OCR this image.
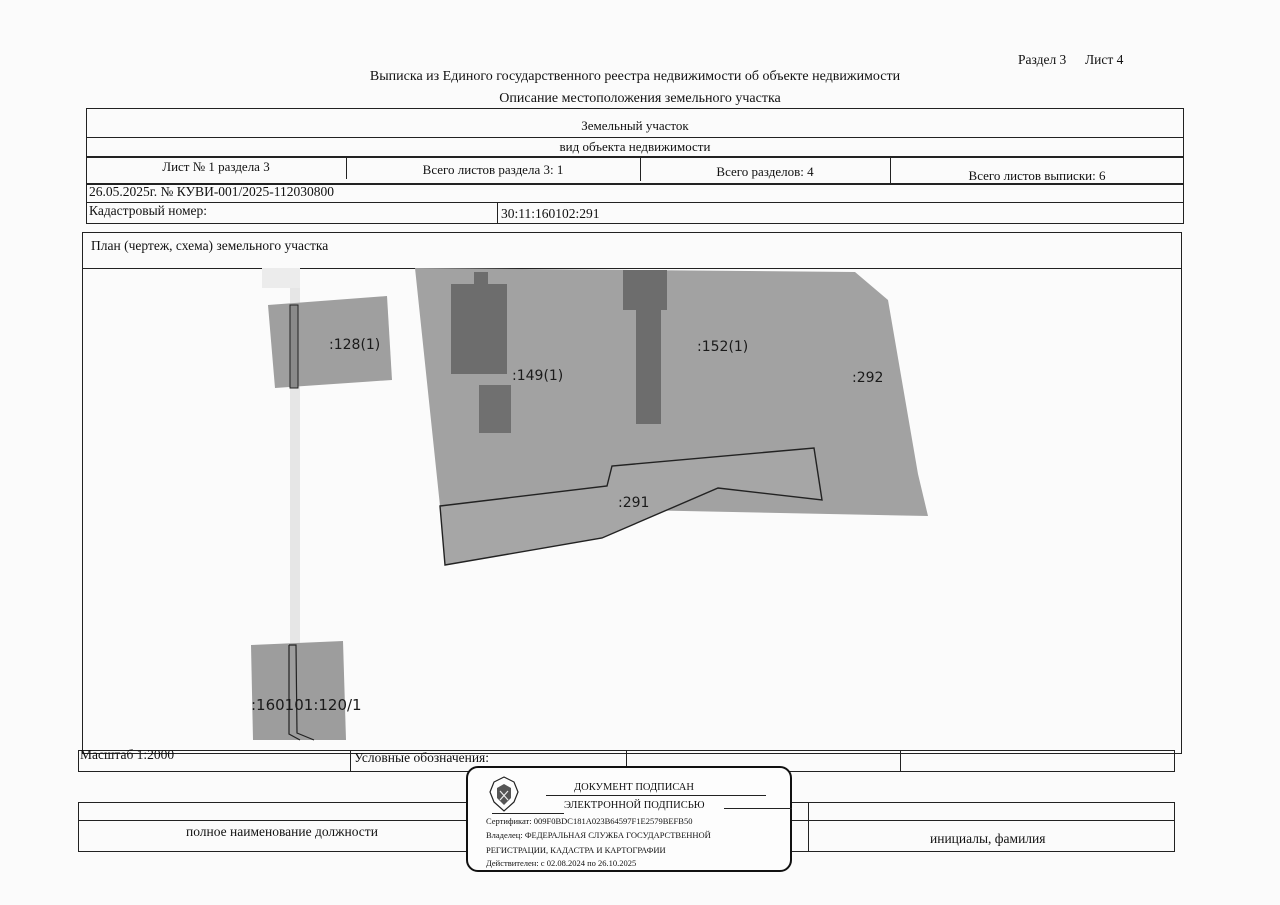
Раздел 3 Лист 4
Выписка из Единого государственного реестра недвижимости об объекте недвижимости
Описание местоположения земельного участка
Земельный участок
вид объекта недвижимости
Лист № 1 раздела 3	Всего листов раздела 3: 1	Всего разделов: 4	Всего листов выписки: 6
26.05.2025г. № КУВИ-001/2025-112030800
Кадастровый номер:	30:11:160102:291
План (чертеж, схема) земельного участка
:128(1)
:149(1)
:152(1)
:292
:291
:160101:120/1
Масштаб 1:2000	Условные обозначения:
полное наименование должности	инициалы, фамилия
ДОКУМЕНТ ПОДПИСАН
ЭЛЕКТРОННОЙ ПОДПИСЬЮ
Сертификат: 009F0BDC181A023B64597F1E2579BEFB50
Владелец: ФЕДЕРАЛЬНАЯ СЛУЖБА ГОСУДАРСТВЕННОЙ
РЕГИСТРАЦИИ, КАДАСТРА И КАРТОГРАФИИ
Действителен: с 02.08.2024 по 26.10.2025
